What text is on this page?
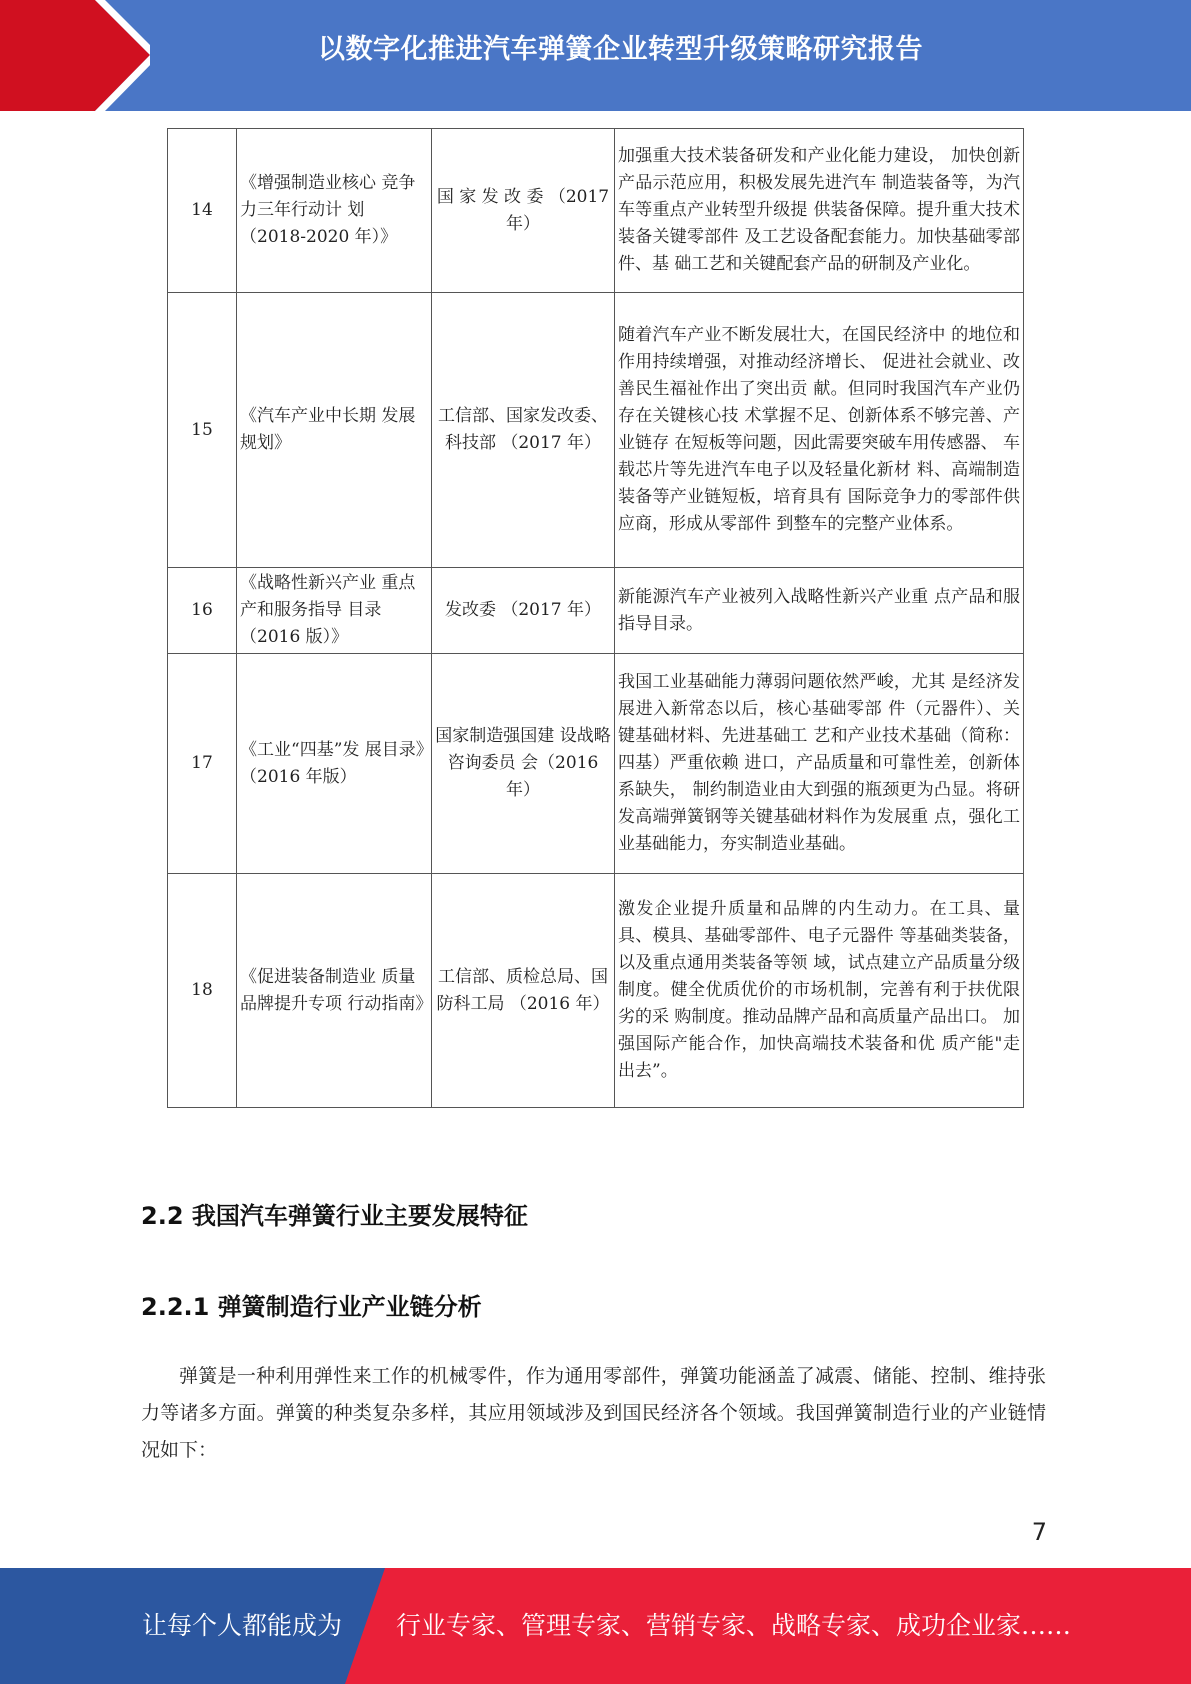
以数字化推进汽车弹簧企业转型升级策略研究报告
14	《增强制造业核心 竞争力三年行动计 划（2018-2020 年）》	国 家 发 改 委 （2017 年）	加强重大技术装备研发和产业化能力建设， 加快创新产品示范应用，积极发展先进汽车 制造装备等，为汽车等重点产业转型升级提 供装备保障。提升重大技术装备关键零部件 及工艺设备配套能力。加快基础零部件、基 础工艺和关键配套产品的研制及产业化。
15	《汽车产业中长期 发展规划》	工信部、国家发改委、科技部 （2017 年）	随着汽车产业不断发展壮大，在国民经济中 的地位和作用持续增强，对推动经济增长、 促进社会就业、改善民生福祉作出了突出贡 献。但同时我国汽车产业仍存在关键核心技 术掌握不足、创新体系不够完善、产业链存 在短板等问题，因此需要突破车用传感器、 车载芯片等先进汽车电子以及轻量化新材 料、高端制造装备等产业链短板，培育具有 国际竞争力的零部件供应商，形成从零部件 到整车的完整产业体系。
16	《战略性新兴产业 重点产和服务指导 目录（2016 版）》	发改委 （2017 年）	新能源汽车产业被列入战略性新兴产业重 点产品和服指导目录。
17	《工业“四基”发 展目录》（2016 年版）	国家制造强国建 设战略咨询委员 会（2016 年）	我国工业基础能力薄弱问题依然严峻，尤其 是经济发展进入新常态以后，核心基础零部 件（元器件）、关键基础材料、先进基础工 艺和产业技术基础（简称：四基）严重依赖 进口，产品质量和可靠性差，创新体系缺失， 制约制造业由大到强的瓶颈更为凸显。将研 发高端弹簧钢等关键基础材料作为发展重 点，强化工业基础能力，夯实制造业基础。
18	《促进装备制造业 质量品牌提升专项 行动指南》	工信部、质检总局、国防科工局 （2016 年）	激发企业提升质量和品牌的内生动力。在工具、量具、模具、基础零部件、电子元器件 等基础类装备，以及重点通用类装备等领 域，试点建立产品质量分级制度。健全优质优价的市场机制，完善有利于扶优限劣的采 购制度。推动品牌产品和高质量产品出口。 加强国际产能合作，加快高端技术装备和优 质产能"走出去”。
2.2 我国汽车弹簧行业主要发展特征
2.2.1 弹簧制造行业产业链分析
弹簧是一种利用弹性来工作的机械零件，作为通用零部件，弹簧功能涵盖了减震、储能、控制、维持张力等诸多方面。弹簧的种类复杂多样，其应用领域涉及到国民经济各个领域。我国弹簧制造行业的产业链情况如下：
7
让每个人都能成为 行业专家、管理专家、营销专家、战略专家、成功企业家……
